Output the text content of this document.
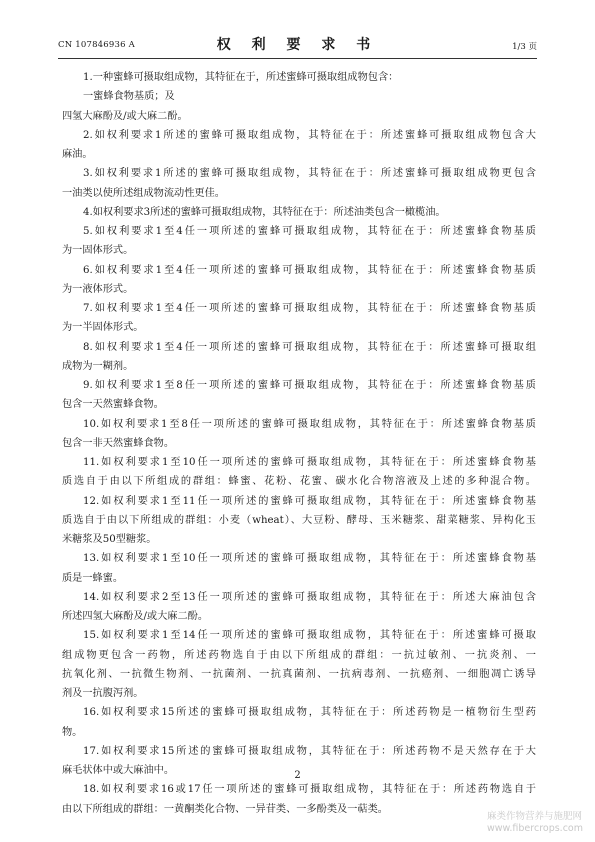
CN 107846936 A	权 利 要 求 书	1/3 页
1.一种蜜蜂可摄取组成物，其特征在于，所述蜜蜂可摄取组成物包含：
一蜜蜂食物基质；及
四氢大麻酚及/或大麻二酚。
2.如权利要求1所述的蜜蜂可摄取组成物，其特征在于：所述蜜蜂可摄取组成物包含大
麻油。
3.如权利要求1所述的蜜蜂可摄取组成物，其特征在于：所述蜜蜂可摄取组成物更包含
一油类以使所述组成物流动性更佳。
4.如权利要求3所述的蜜蜂可摄取组成物，其特征在于：所述油类包含一橄榄油。
5.如权利要求1至4任一项所述的蜜蜂可摄取组成物，其特征在于：所述蜜蜂食物基质
为一固体形式。
6.如权利要求1至4任一项所述的蜜蜂可摄取组成物，其特征在于：所述蜜蜂食物基质
为一液体形式。
7.如权利要求1至4任一项所述的蜜蜂可摄取组成物，其特征在于：所述蜜蜂食物基质
为一半固体形式。
8.如权利要求1至4任一项所述的蜜蜂可摄取组成物，其特征在于：所述蜜蜂可摄取组
成物为一糊剂。
9.如权利要求1至8任一项所述的蜜蜂可摄取组成物，其特征在于：所述蜜蜂食物基质
包含一天然蜜蜂食物。
10.如权利要求1至8任一项所述的蜜蜂可摄取组成物，其特征在于：所述蜜蜂食物基质
包含一非天然蜜蜂食物。
11.如权利要求1至10任一项所述的蜜蜂可摄取组成物，其特征在于：所述蜜蜂食物基
质选自于由以下所组成的群组：蜂蜜、花粉、花蜜、碳水化合物溶液及上述的多种混合物。
12.如权利要求1至11任一项所述的蜜蜂可摄取组成物，其特征在于：所述蜜蜂食物基
质选自于由以下所组成的群组：小麦（wheat）、大豆粉、酵母、玉米糖浆、甜菜糖浆、异构化玉
米糖浆及50型糖浆。
13.如权利要求1至10任一项所述的蜜蜂可摄取组成物，其特征在于：所述蜜蜂食物基
质是一蜂蜜。
14.如权利要求2至13任一项所述的蜜蜂可摄取组成物，其特征在于：所述大麻油包含
所述四氢大麻酚及/或大麻二酚。
15.如权利要求1至14任一项所述的蜜蜂可摄取组成物，其特征在于：所述蜜蜂可摄取
组成物更包含一药物，所述药物选自于由以下所组成的群组：一抗过敏剂、一抗炎剂、一
抗氧化剂、一抗微生物剂、一抗菌剂、一抗真菌剂、一抗病毒剂、一抗癌剂、一细胞凋亡诱导
剂及一抗腹泻剂。
16.如权利要求15所述的蜜蜂可摄取组成物，其特征在于：所述药物是一植物衍生型药
物。
17.如权利要求15所述的蜜蜂可摄取组成物，其特征在于：所述药物不是天然存在于大
麻毛状体中或大麻油中。
18.如权利要求16或17任一项所述的蜜蜂可摄取组成物，其特征在于：所述药物选自于
由以下所组成的群组：一黄酮类化合物、一异苷类、一多酚类及一萜类。
2
麻类作物营养与施肥网
www.fibercrops.com
